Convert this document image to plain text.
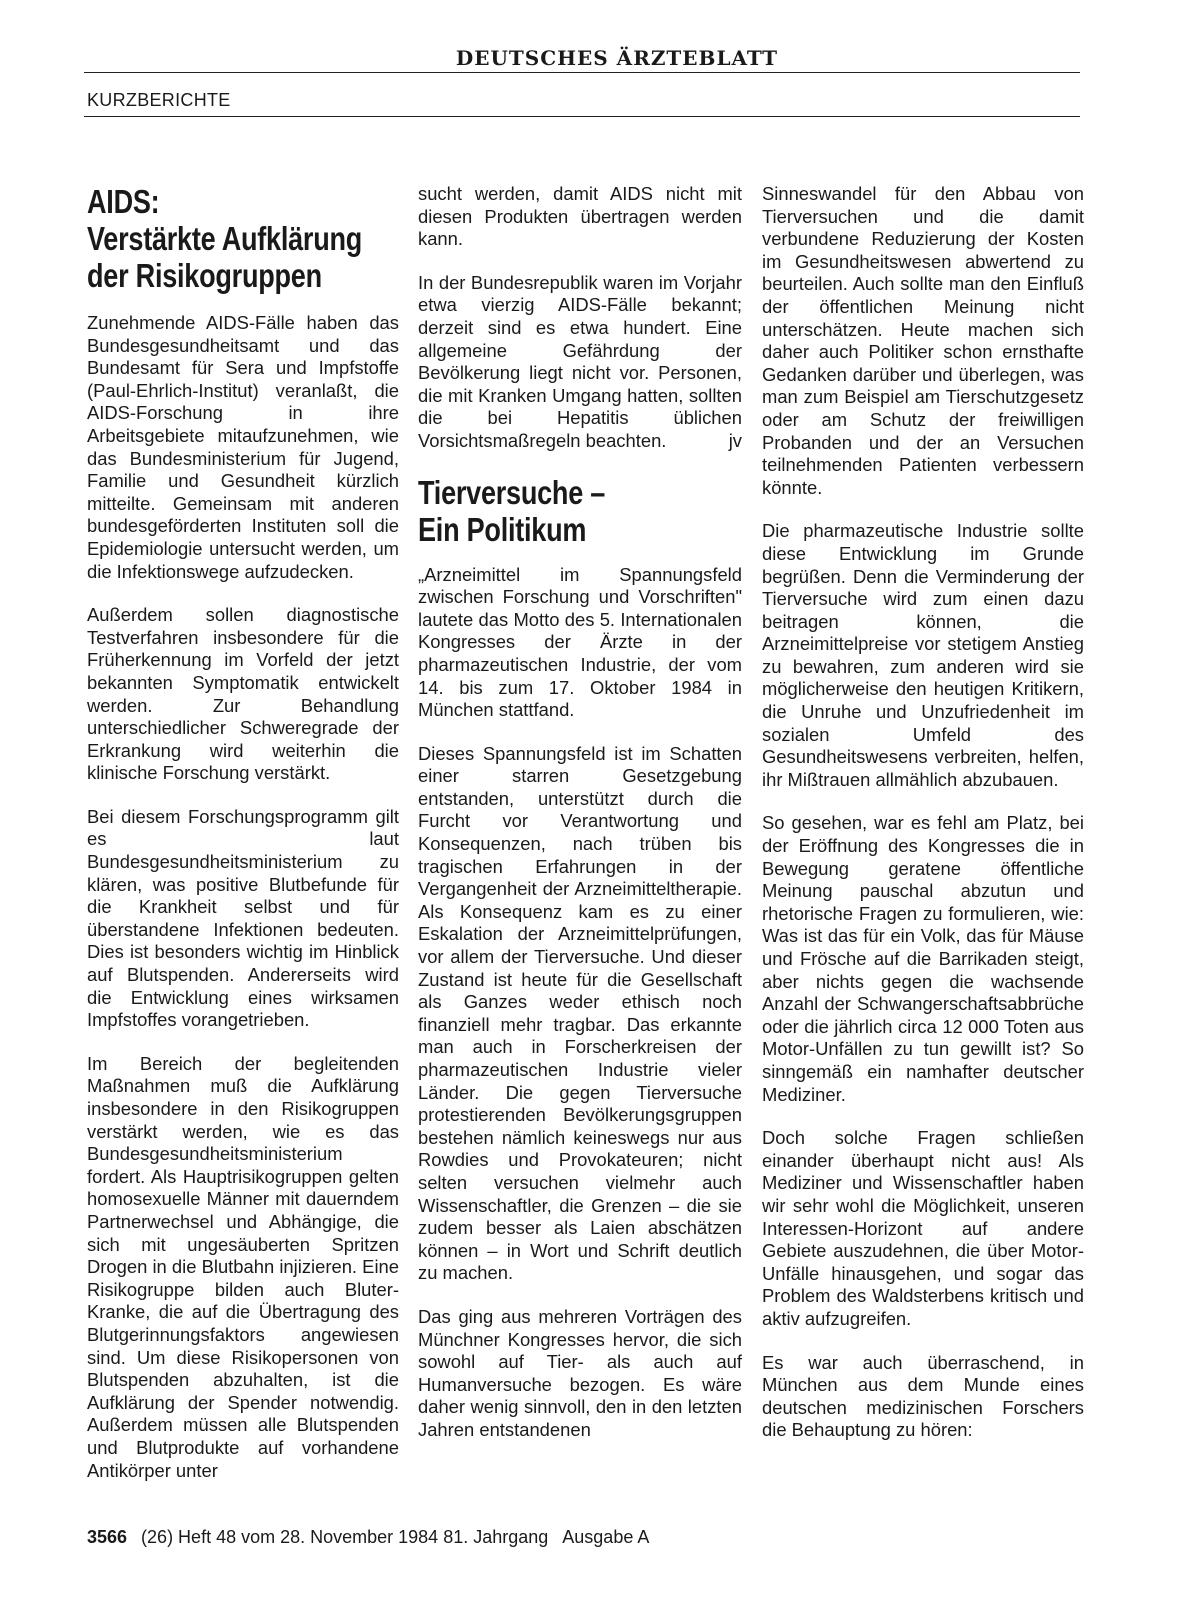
DEUTSCHES ÄRZTEBLATT
KURZBERICHTE
AIDS:
Verstärkte Aufklärung
der Risikogruppen

Zunehmende AIDS-Fälle haben das Bundesgesundheitsamt und das Bundesamt für Sera und Impfstoffe (Paul-Ehrlich-Institut) veranlaßt, die AIDS-Forschung in ihre Arbeitsgebiete mitaufzunehmen, wie das Bundesministerium für Jugend, Familie und Gesundheit kürzlich mitteilte. Gemeinsam mit anderen bundesgeförderten Instituten soll die Epidemiologie untersucht werden, um die Infektionswege aufzudecken.

Außerdem sollen diagnostische Testverfahren insbesondere für die Früherkennung im Vorfeld der jetzt bekannten Symptomatik entwickelt werden. Zur Behandlung unterschiedlicher Schweregrade der Erkrankung wird weiterhin die klinische Forschung verstärkt.

Bei diesem Forschungsprogramm gilt es laut Bundesgesundheitsministerium zu klären, was positive Blutbefunde für die Krankheit selbst und für überstandene Infektionen bedeuten. Dies ist besonders wichtig im Hinblick auf Blutspenden. Andererseits wird die Entwicklung eines wirksamen Impfstoffes vorangetrieben.

Im Bereich der begleitenden Maßnahmen muß die Aufklärung insbesondere in den Risikogruppen verstärkt werden, wie es das Bundesgesundheitsministerium fordert. Als Hauptrisikogruppen gelten homosexuelle Männer mit dauerndem Partnerwechsel und Abhängige, die sich mit ungesäuberten Spritzen Drogen in die Blutbahn injizieren. Eine Risikogruppe bilden auch Bluter-Kranke, die auf die Übertragung des Blutgerinnungsfaktors angewiesen sind. Um diese Risikopersonen von Blutspenden abzuhalten, ist die Aufklärung der Spender notwendig. Außerdem müssen alle Blutspenden und Blutprodukte auf vorhandene Antikörper unter

sucht werden, damit AIDS nicht mit diesen Produkten übertragen werden kann.

In der Bundesrepublik waren im Vorjahr etwa vierzig AIDS-Fälle bekannt; derzeit sind es etwa hundert. Eine allgemeine Gefährdung der Bevölkerung liegt nicht vor. Personen, die mit Kranken Umgang hatten, sollten die bei Hepatitis üblichen Vorsichtsmaßregeln beachten.	jv

Tierversuche –
Ein Politikum

„Arzneimittel im Spannungsfeld zwischen Forschung und Vorschriften" lautete das Motto des 5. Internationalen Kongresses der Ärzte in der pharmazeutischen Industrie, der vom 14. bis zum 17. Oktober 1984 in München stattfand.

Dieses Spannungsfeld ist im Schatten einer starren Gesetzgebung entstanden, unterstützt durch die Furcht vor Verantwortung und Konsequenzen, nach trüben bis tragischen Erfahrungen in der Vergangenheit der Arzneimitteltherapie. Als Konsequenz kam es zu einer Eskalation der Arzneimittelprüfungen, vor allem der Tierversuche. Und dieser Zustand ist heute für die Gesellschaft als Ganzes weder ethisch noch finanziell mehr tragbar. Das erkannte man auch in Forscherkreisen der pharmazeutischen Industrie vieler Länder. Die gegen Tierversuche protestierenden Bevölkerungsgruppen bestehen nämlich keineswegs nur aus Rowdies und Provokateuren; nicht selten versuchen vielmehr auch Wissenschaftler, die Grenzen – die sie zudem besser als Laien abschätzen können – in Wort und Schrift deutlich zu machen.

Das ging aus mehreren Vorträgen des Münchner Kongresses hervor, die sich sowohl auf Tier- als auch auf Humanversuche bezogen. Es wäre daher wenig sinnvoll, den in den letzten Jahren entstandenen

Sinneswandel für den Abbau von Tierversuchen und die damit verbundene Reduzierung der Kosten im Gesundheitswesen abwertend zu beurteilen. Auch sollte man den Einfluß der öffentlichen Meinung nicht unterschätzen. Heute machen sich daher auch Politiker schon ernsthafte Gedanken darüber und überlegen, was man zum Beispiel am Tierschutzgesetz oder am Schutz der freiwilligen Probanden und der an Versuchen teilnehmenden Patienten verbessern könnte.

Die pharmazeutische Industrie sollte diese Entwicklung im Grunde begrüßen. Denn die Verminderung der Tierversuche wird zum einen dazu beitragen können, die Arzneimittelpreise vor stetigem Anstieg zu bewahren, zum anderen wird sie möglicherweise den heutigen Kritikern, die Unruhe und Unzufriedenheit im sozialen Umfeld des Gesundheitswesens verbreiten, helfen, ihr Mißtrauen allmählich abzubauen.

So gesehen, war es fehl am Platz, bei der Eröffnung des Kongresses die in Bewegung geratene öffentliche Meinung pauschal abzutun und rhetorische Fragen zu formulieren, wie: Was ist das für ein Volk, das für Mäuse und Frösche auf die Barrikaden steigt, aber nichts gegen die wachsende Anzahl der Schwangerschaftsabbrüche oder die jährlich circa 12 000 Toten aus Motor-Unfällen zu tun gewillt ist? So sinngemäß ein namhafter deutscher Mediziner.

Doch solche Fragen schließen einander überhaupt nicht aus! Als Mediziner und Wissenschaftler haben wir sehr wohl die Möglichkeit, unseren Interessen-Horizont auf andere Gebiete auszudehnen, die über Motor-Unfälle hinausgehen, und sogar das Problem des Waldsterbens kritisch und aktiv aufzugreifen.

Es war auch überraschend, in München aus dem Munde eines deutschen medizinischen Forschers die Behauptung zu hören:

3566 (26) Heft 48 vom 28. November 1984 81. Jahrgang Ausgabe A
